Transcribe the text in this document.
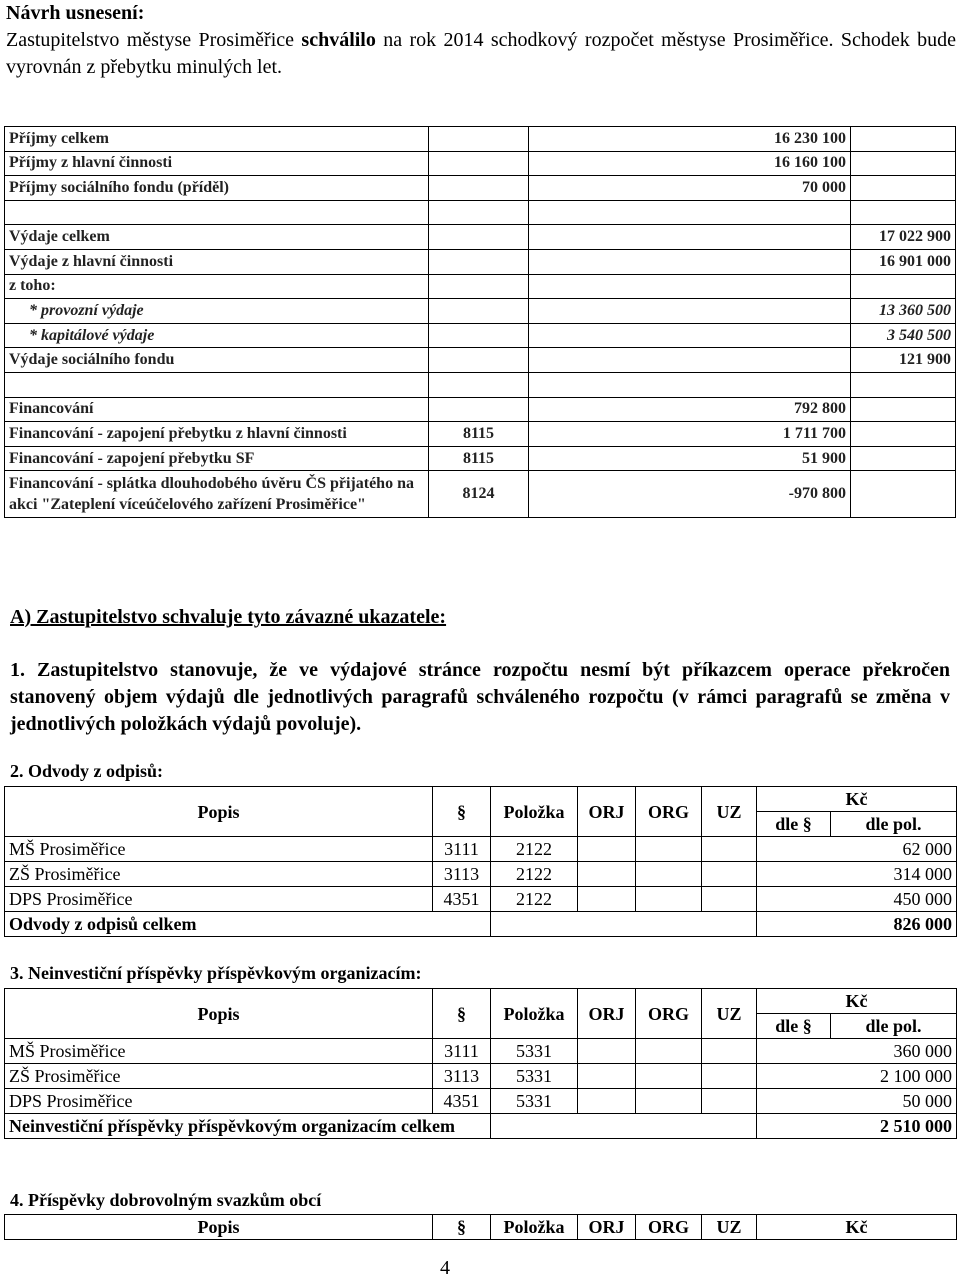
Návrh usnesení:
Zastupitelstvo městyse Prosiměřice schválilo na rok 2014 schodkový rozpočet městyse Prosiměřice. Schodek bude vyrovnán z přebytku minulých let.
Příjmy celkem		16 230 100	
Příjmy z hlavní činnosti		16 160 100	
Příjmy sociálního fondu (příděl)		70 000	

Výdaje celkem			17 022 900
Výdaje z hlavní činnosti			16 901 000
z toho:			
* provozní výdaje			13 360 500
* kapitálové výdaje			3 540 500
Výdaje sociálního fondu			121 900

Financování		792 800	
Financování - zapojení přebytku z hlavní činnosti	8115	1 711 700	
Financování - zapojení přebytku SF	8115	51 900	
Financování - splátka dlouhodobého úvěru ČS přijatého na akci "Zateplení víceúčelového zařízení Prosiměřice"	8124	-970 800	
A) Zastupitelstvo schvaluje tyto závazné ukazatele:
1. Zastupitelstvo stanovuje, že ve výdajové stránce rozpočtu nesmí být příkazcem operace překročen stanovený objem výdajů dle jednotlivých paragrafů schváleného rozpočtu (v rámci paragrafů se změna v jednotlivých položkách výdajů povoluje).
2. Odvody z odpisů:
Popis	§	Položka	ORJ	ORG	UZ	Kč	
						dle §	dle pol.
MŠ Prosiměřice	3111	2122				62 000	
ZŠ Prosiměřice	3113	2122				314 000	
DPS Prosiměřice	4351	2122				450 000	
Odvody z odpisů celkem						826 000	
3. Neinvestiční příspěvky příspěvkovým organizacím:
Popis	§	Položka	ORJ	ORG	UZ	Kč	
						dle §	dle pol.
MŠ Prosiměřice	3111	5331				360 000	
ZŠ Prosiměřice	3113	5331				2 100 000	
DPS Prosiměřice	4351	5331				50 000	
Neinvestiční příspěvky příspěvkovým organizacím celkem						2 510 000	
4. Příspěvky dobrovolným svazkům obcí
Popis	§	Položka	ORJ	ORG	UZ	Kč
4
